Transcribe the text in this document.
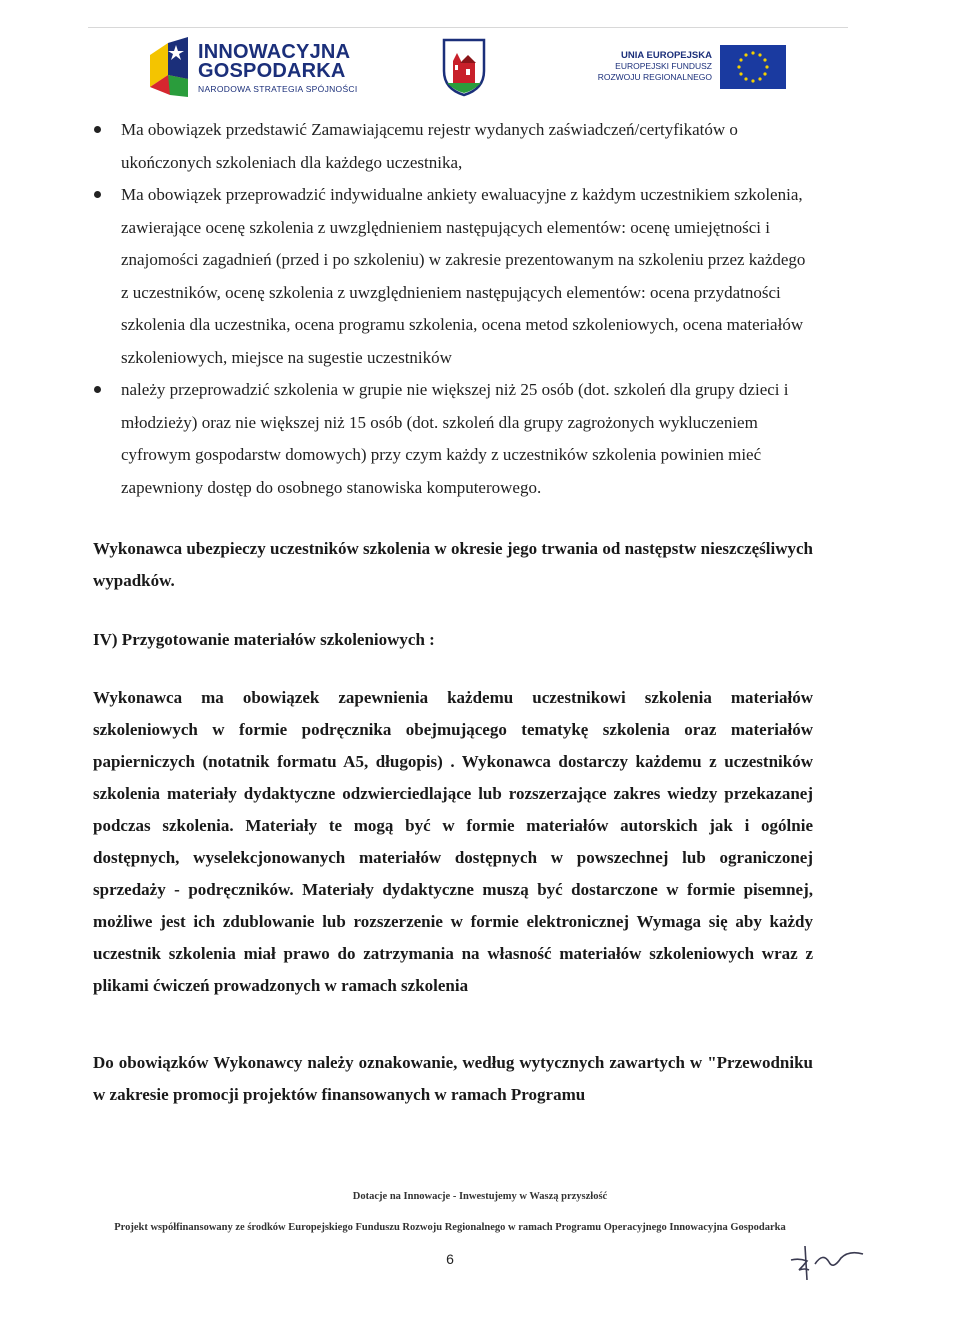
INNOWACYJNA
GOSPODARKA
NARODOWA STRATEGIA SPÓJNOŚCI
UNIA EUROPEJSKA
EUROPEJSKI FUNDUSZ
ROZWOJU REGIONALNEGO
Ma obowiązek przedstawić Zamawiającemu rejestr wydanych zaświadczeń/certyfikatów o ukończonych szkoleniach dla każdego uczestnika,
Ma obowiązek przeprowadzić indywidualne ankiety ewaluacyjne z każdym uczestnikiem szkolenia, zawierające ocenę szkolenia z uwzględnieniem następujących elementów: ocenę umiejętności i znajomości zagadnień (przed i po szkoleniu) w zakresie prezentowanym na szkoleniu przez każdego z uczestników, ocenę szkolenia z uwzględnieniem następujących elementów: ocena przydatności szkolenia dla uczestnika, ocena programu szkolenia, ocena metod szkoleniowych, ocena materiałów szkoleniowych, miejsce na sugestie uczestników
należy przeprowadzić szkolenia w grupie nie większej niż 25 osób (dot. szkoleń dla grupy dzieci i młodzieży) oraz nie większej niż 15 osób (dot. szkoleń dla grupy zagrożonych wykluczeniem cyfrowym gospodarstw domowych) przy czym każdy z uczestników szkolenia powinien mieć zapewniony dostęp do osobnego stanowiska komputerowego.

Wykonawca ubezpieczy uczestników szkolenia w okresie jego trwania od następstw nieszczęśliwych wypadków.

IV) Przygotowanie materiałów szkoleniowych :

Wykonawca ma obowiązek zapewnienia każdemu uczestnikowi szkolenia materiałów szkoleniowych w formie podręcznika obejmującego tematykę szkolenia oraz materiałów papierniczych (notatnik formatu A5, długopis) . Wykonawca dostarczy każdemu z uczestników szkolenia materiały dydaktyczne odzwierciedlające lub rozszerzające zakres wiedzy przekazanej podczas szkolenia. Materiały te mogą być w formie materiałów autorskich jak i ogólnie dostępnych, wyselekcjonowanych materiałów dostępnych w powszechnej lub ograniczonej sprzedaży - podręczników. Materiały dydaktyczne muszą być dostarczone w formie pisemnej, możliwe jest ich zdublowanie lub rozszerzenie w formie elektronicznej Wymaga się aby każdy uczestnik szkolenia miał prawo do zatrzymania na własność materiałów szkoleniowych wraz z plikami ćwiczeń prowadzonych w ramach szkolenia

Do obowiązków Wykonawcy należy oznakowanie, według wytycznych zawartych w "Przewodniku w zakresie promocji projektów finansowanych w ramach Programu

Dotacje na Innowacje - Inwestujemy w Waszą przyszłość
Projekt współfinansowany ze środków Europejskiego Funduszu Rozwoju Regionalnego w ramach Programu Operacyjnego Innowacyjna Gospodarka
6
